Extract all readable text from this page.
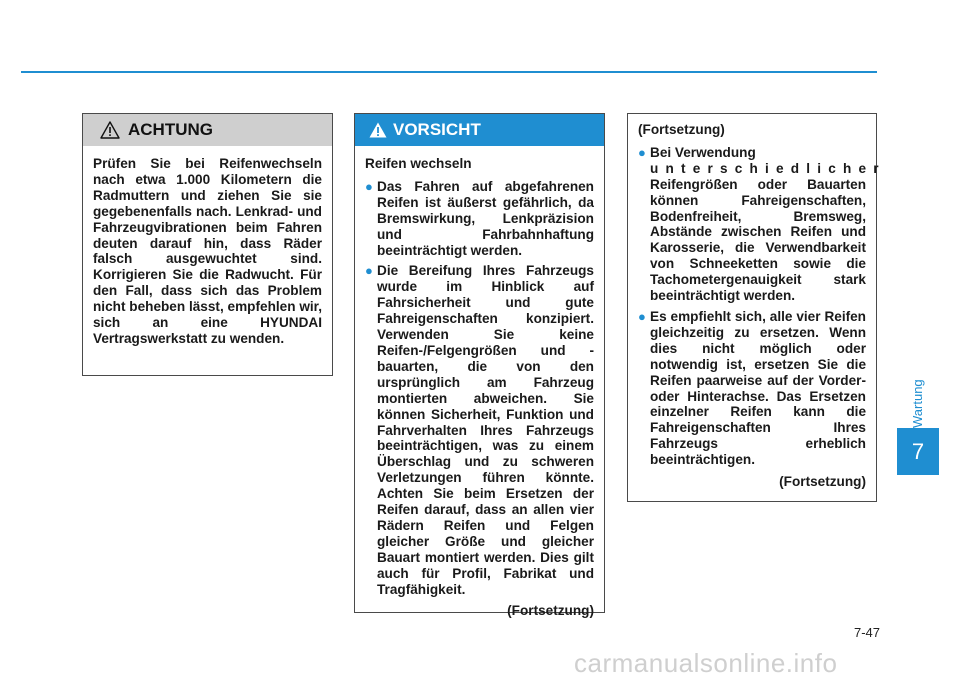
ACHTUNG
Prüfen Sie bei Reifenwechseln nach etwa 1.000 Kilometern die Radmuttern und ziehen Sie sie gegebenenfalls nach. Lenkrad- und Fahrzeugvibrationen beim Fahren deuten darauf hin, dass Räder falsch ausgewuchtet sind. Korrigieren Sie die Radwucht. Für den Fall, dass sich das Problem nicht beheben lässt, empfehlen wir, sich an eine HYUNDAI Vertragswerkstatt zu wenden.
VORSICHT

Reifen wechseln

● Das Fahren auf abgefahrenen Reifen ist äußerst gefährlich, da Bremswirkung, Lenkpräzision und Fahrbahnhaftung beeinträchtigt werden.
● Die Bereifung Ihres Fahrzeugs wurde im Hinblick auf Fahrsicherheit und gute Fahreigenschaften konzipiert. Verwenden Sie keine Reifen-/Felgengrößen und -bauarten, die von den ursprünglich am Fahrzeug montierten abweichen. Sie können Sicherheit, Funktion und Fahrverhalten Ihres Fahrzeugs beeinträchtigen, was zu einem Überschlag und zu schweren Verletzungen führen könnte. Achten Sie beim Ersetzen der Reifen darauf, dass an allen vier Rädern Reifen und Felgen gleicher Größe und gleicher Bauart montiert werden. Dies gilt auch für Profil, Fabrikat und Tragfähigkeit.
(Fortsetzung)

(Fortsetzung)

● Bei Verwendung
unterschiedlicher
Reifengrößen oder Bauarten können Fahreigenschaften, Bodenfreiheit, Bremsweg, Abstände zwischen Reifen und Karosserie, die Verwendbarkeit von Schneeketten sowie die Tachometergenauigkeit stark beeinträchtigt werden.
● Es empfiehlt sich, alle vier Reifen gleichzeitig zu ersetzen. Wenn dies nicht möglich oder notwendig ist, ersetzen Sie die Reifen paarweise auf der Vorder- oder Hinterachse. Das Ersetzen einzelner Reifen kann die Fahreigenschaften Ihres Fahrzeugs erheblich beeinträchtigen.
(Fortsetzung)
Wartung
7
7-47
carmanualsonline.info
